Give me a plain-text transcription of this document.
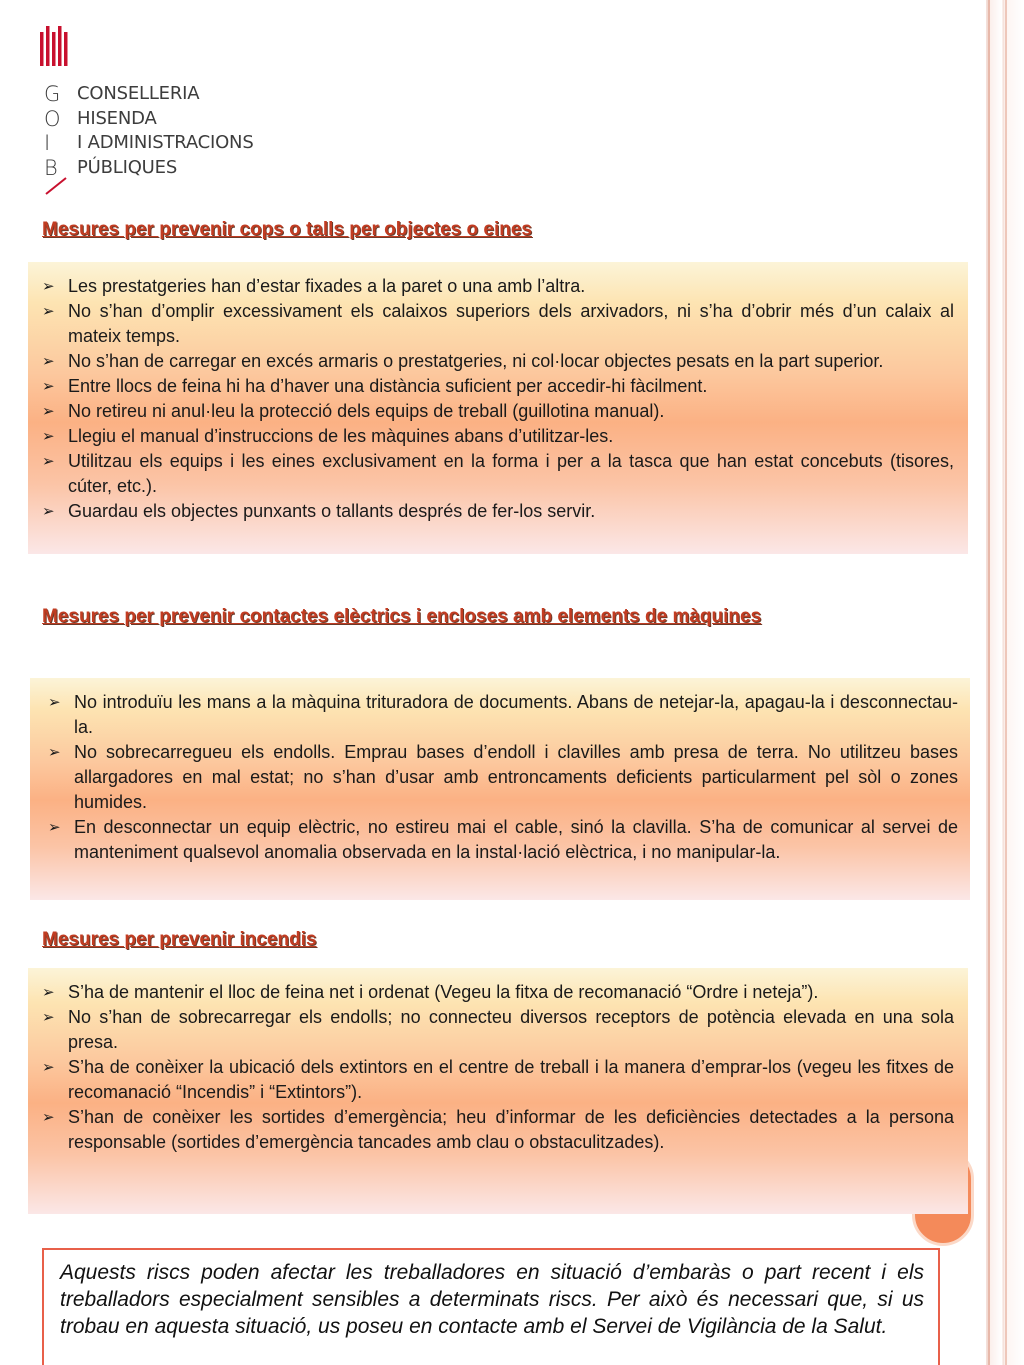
G
O
I
B
CONSELLERIA
HISENDA
I ADMINISTRACIONS
PÚBLIQUES
Mesures per prevenir cops o talls per objectes o eines
➢ Les prestatgeries han d’estar fixades a la paret o una amb l’altra.
➢ No s’han d’omplir excessivament els calaixos superiors dels arxivadors, ni s’ha d’obrir més d’un calaix al mateix temps.
➢ No s’han de carregar en excés armaris o prestatgeries, ni col·locar objectes pesats en la part superior.
➢ Entre llocs de feina hi ha d’haver una distància suficient per accedir-hi fàcilment.
➢ No retireu ni anul·leu la protecció dels equips de treball (guillotina manual).
➢ Llegiu el manual d’instruccions de les màquines abans d’utilitzar-les.
➢ Utilitzau els equips i les eines exclusivament en la forma i per a la tasca que han estat concebuts (tisores, cúter, etc.).
➢ Guardau els objectes punxants o tallants després de fer-los servir.
Mesures per prevenir contactes elèctrics i encloses amb elements de màquines
➢ No introduïu les mans a la màquina trituradora de documents. Abans de netejar-la, apagau-la i desconnectau-la.
➢ No sobrecarregueu els endolls. Emprau bases d’endoll i clavilles amb presa de terra. No utilitzeu bases allargadores en mal estat; no s’han d’usar amb entroncaments deficients particularment pel sòl o zones humides.
➢ En desconnectar un equip elèctric, no estireu mai el cable, sinó la clavilla. S’ha de comunicar al servei de manteniment qualsevol anomalia observada en la instal·lació elèctrica, i no manipular-la.
Mesures per prevenir incendis
➢ S’ha de mantenir el lloc de feina net i ordenat (Vegeu la fitxa de recomanació “Ordre i neteja”).
➢ No s’han de sobrecarregar els endolls; no connecteu diversos receptors de potència elevada en una sola presa.
➢ S’ha de conèixer la ubicació dels extintors en el centre de treball i la manera d’emprar-los (vegeu les fitxes de recomanació “Incendis” i “Extintors”).
➢ S’han de conèixer les sortides d’emergència; heu d’informar de les deficiències detectades a la persona responsable (sortides d’emergència tancades amb clau o obstaculitzades).
Aquests riscs poden afectar les treballadores en situació d’embaràs o part recent i els treballadors especialment sensibles a determinats riscs. Per això és necessari que, si us trobau en aquesta situació, us poseu en contacte amb el Servei de Vigilància de la Salut.
